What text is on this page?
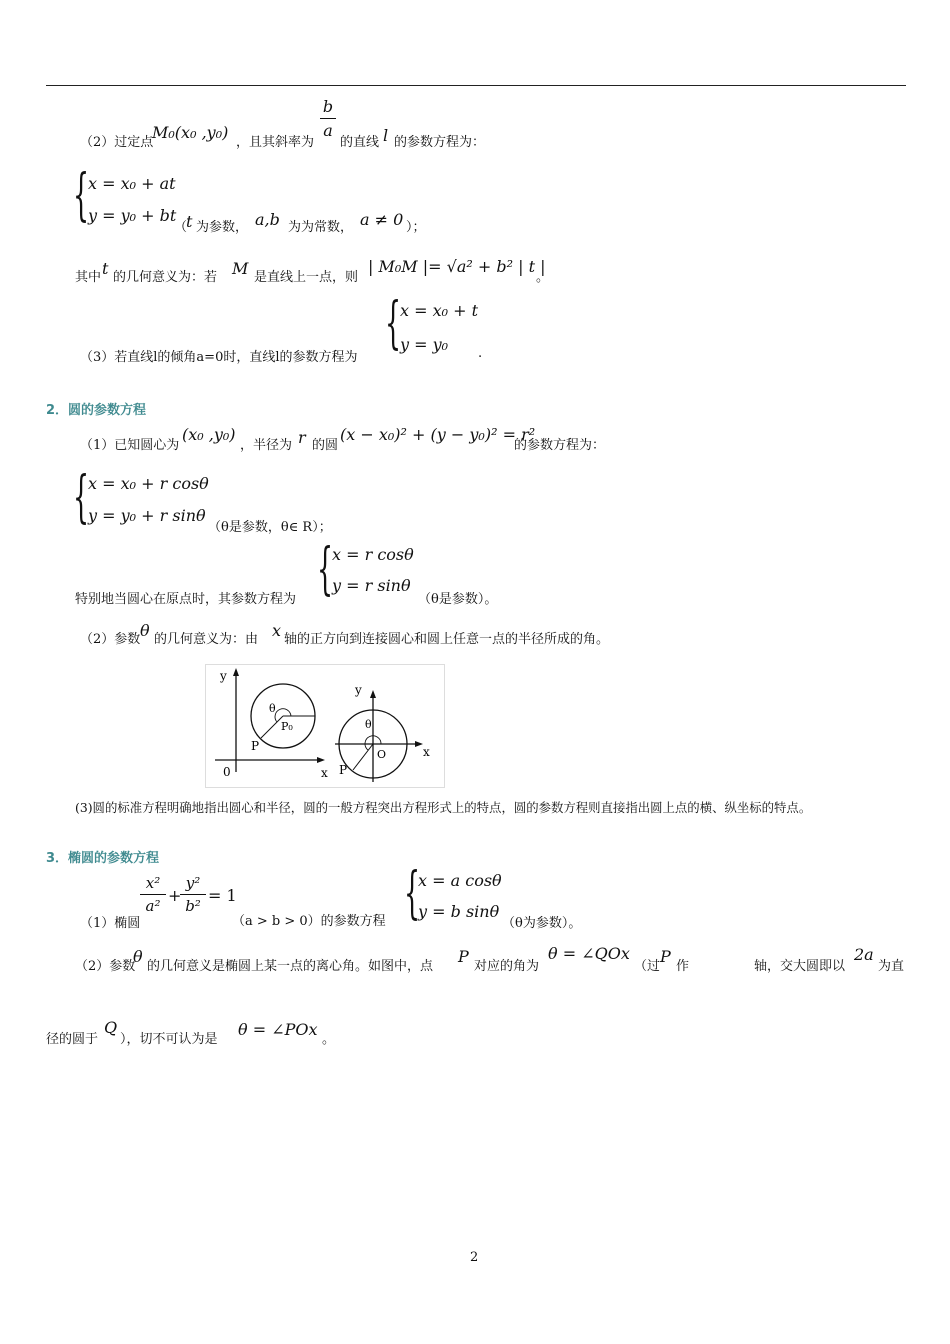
（2）过定点
M₀(x₀ ,y₀)
，且其斜率为
b
a
的直线 l 的参数方程为：
{
x = x₀ + at
y = y₀ + bt
（
t 为参数， a,b 为为常数， a ≠ 0 ）；
其中 t 的几何意义为：若 M 是直线上一点，则
| M₀M |= √a² + b² | t |
。
（3）若直线l的倾角a=0时，直线l的参数方程为
{
x = x₀ + t
y = y₀ .
2．圆的参数方程
（1）已知圆心为
(x₀ ,y₀)
，半径为 r 的圆
(x − x₀)² + (y − y₀)² = r²
的参数方程为：
{
x = x₀ + r cosθ
y = y₀ + r sinθ
（θ是参数，θ∈ R）；
特别地当圆心在原点时，其参数方程为 {
x = r cosθ
y = r sinθ
（θ是参数）。
（2）参数 θ 的几何意义为：由 x 轴的正方向到连接圆心和圆上任意一点的半径所成的角。
y
θ
P₀
P
0	x
y
θ
O	x
P
(3)圆的标准方程明确地指出圆心和半径，圆的一般方程突出方程形式上的特点，圆的参数方程则直接指出圆上点的横、纵坐标的特点。
3．椭圆的参数方程
（1）椭圆
x²
a²
+
y²
b²
= 1
（a > b > 0）的参数方程 {
x = a cosθ
y = b sinθ
（θ为参数）。
（2）参数
θ
的几何意义是椭圆上某一点的离心角。如图中，点
P
对应的角为
θ = ∠QOx
（过
P
作	轴，交大圆即以
2a
为直
径的圆于
Q
），切不可认为是
θ = ∠POx
。
2
